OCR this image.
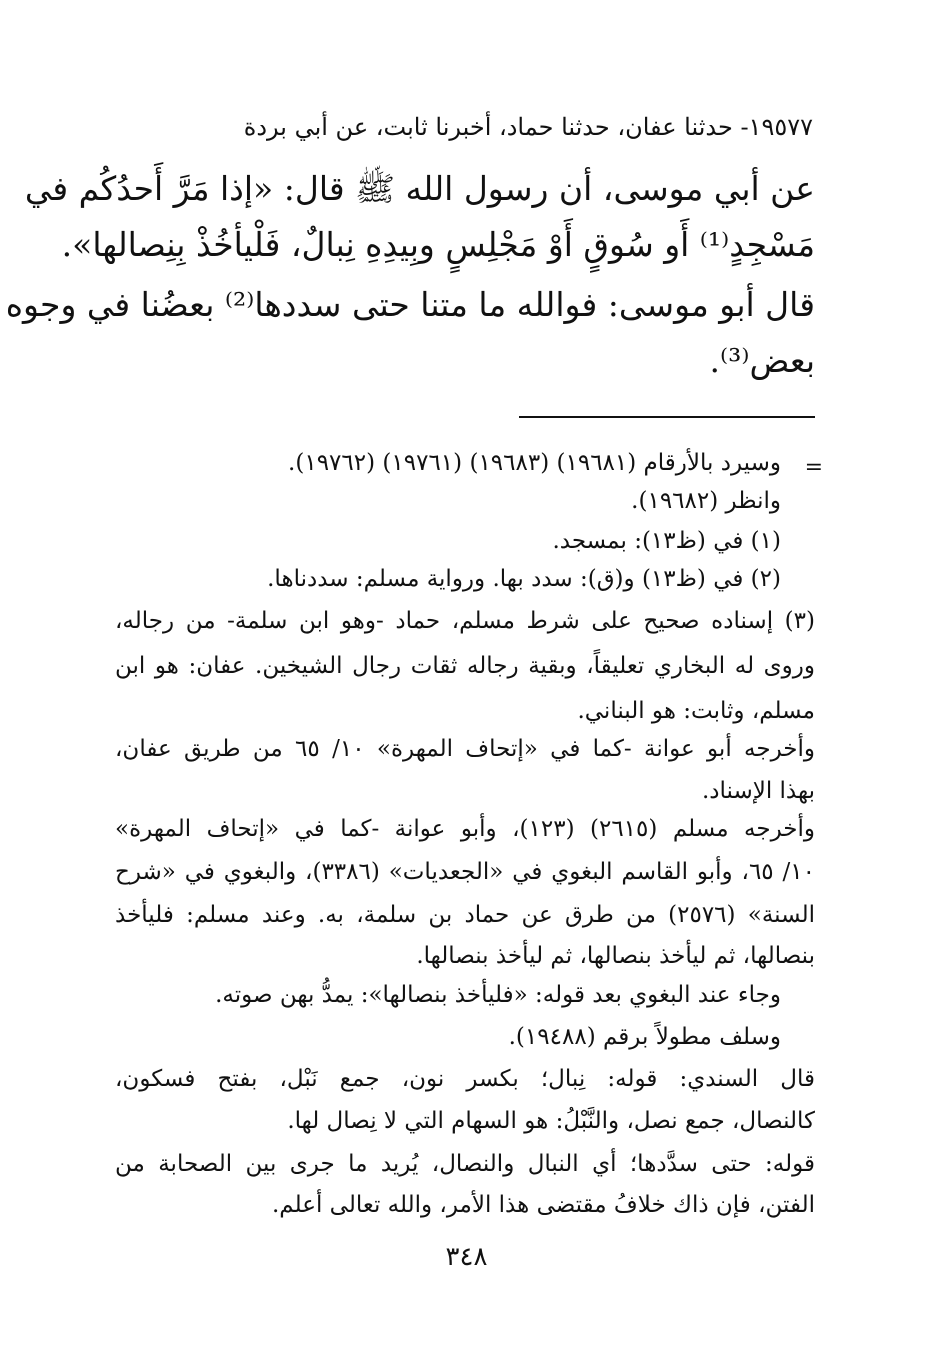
١٩٥٧٧- حدثنا عفان، حدثنا حماد، أخبرنا ثابت، عن أبي بردة
عن أبي موسى، أن رسول الله ﷺ قال: «إذا مَرَّ أَحدُكُم في
مَسْجِدٍ⁽¹⁾ أَو سُوقٍ أَوْ مَجْلِسٍ وبِيدِهِ نِبالٌ، فَلْيأخُذْ بِنِصالها».
قال أبو موسى: فوالله ما متنا حتى سددها⁽²⁾ بعضُنا في وجوه
بعض⁽³⁾.
=
وسيرد بالأرقام (١٩٦٨١) (١٩٦٨٣) (١٩٧٦١) (١٩٧٦٢).
وانظر (١٩٦٨٢).
(١) في (ظ١٣): بمسجد.
(٢) في (ظ١٣) و(ق): سدد بها. ورواية مسلم: سددناها.
(٣) إسناده صحيح على شرط مسلم، حماد -وهو ابن سلمة- من رجاله،
وروى له البخاري تعليقاً، وبقية رجاله ثقات رجال الشيخين. عفان: هو ابن
مسلم، وثابت: هو البناني.
وأخرجه أبو عوانة -كما في «إتحاف المهرة» ١٠/ ٦٥ من طريق عفان،
بهذا الإسناد.
وأخرجه مسلم (٢٦١٥) (١٢٣)، وأبو عوانة -كما في «إتحاف المهرة»
١٠/ ٦٥، وأبو القاسم البغوي في «الجعديات» (٣٣٨٦)، والبغوي في «شرح
السنة» (٢٥٧٦) من طرق عن حماد بن سلمة، به. وعند مسلم: فليأخذ
بنصالها، ثم ليأخذ بنصالها، ثم ليأخذ بنصالها.
وجاء عند البغوي بعد قوله: «فليأخذ بنصالها»: يمدُّ بهن صوته.
وسلف مطولاً برقم (١٩٤٨٨).
قال السندي: قوله: نِبال؛ بكسر نون، جمع نَبْل، بفتح فسكون،
كالنصال، جمع نصل، والنَّبْلُ: هو السهام التي لا نِصال لها.
قوله: حتى سدَّدها؛ أي النبال والنصال، يُريد ما جرى بين الصحابة من
الفتن، فإن ذاك خلافُ مقتضى هذا الأمر، والله تعالى أعلم.
٣٤٨
